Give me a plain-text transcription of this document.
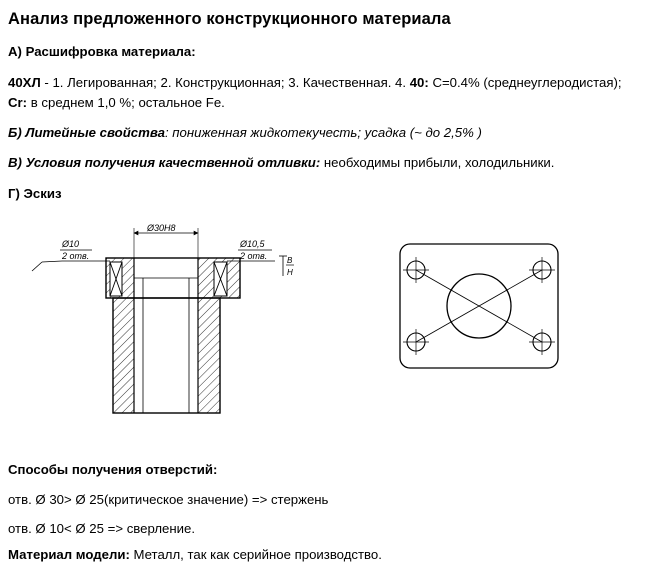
Анализ предложенного конструкционного материала
А) Расшифровка материала:
40ХЛ - 1. Легированная; 2. Конструкционная; 3. Качественная. 4. 40: С=0.4% (среднеуглеродистая);
Cr: в среднем 1,0 %; остальное Fe.
Б) Литейные свойства: пониженная жидкотекучесть; усадка (~ до 2,5% )
В) Условия получения качественной отливки: необходимы прибыли, холодильники.
Г) Эскиз
Ø30Н8
Ø10
2 отв.
Ø10,5
2 отв. В
Н
Способы получения отверстий:
отв. Ø 30> Ø 25(критическое значение) => стержень
отв. Ø 10< Ø 25 => сверление.
Материал модели: Металл, так как серийное производство.
